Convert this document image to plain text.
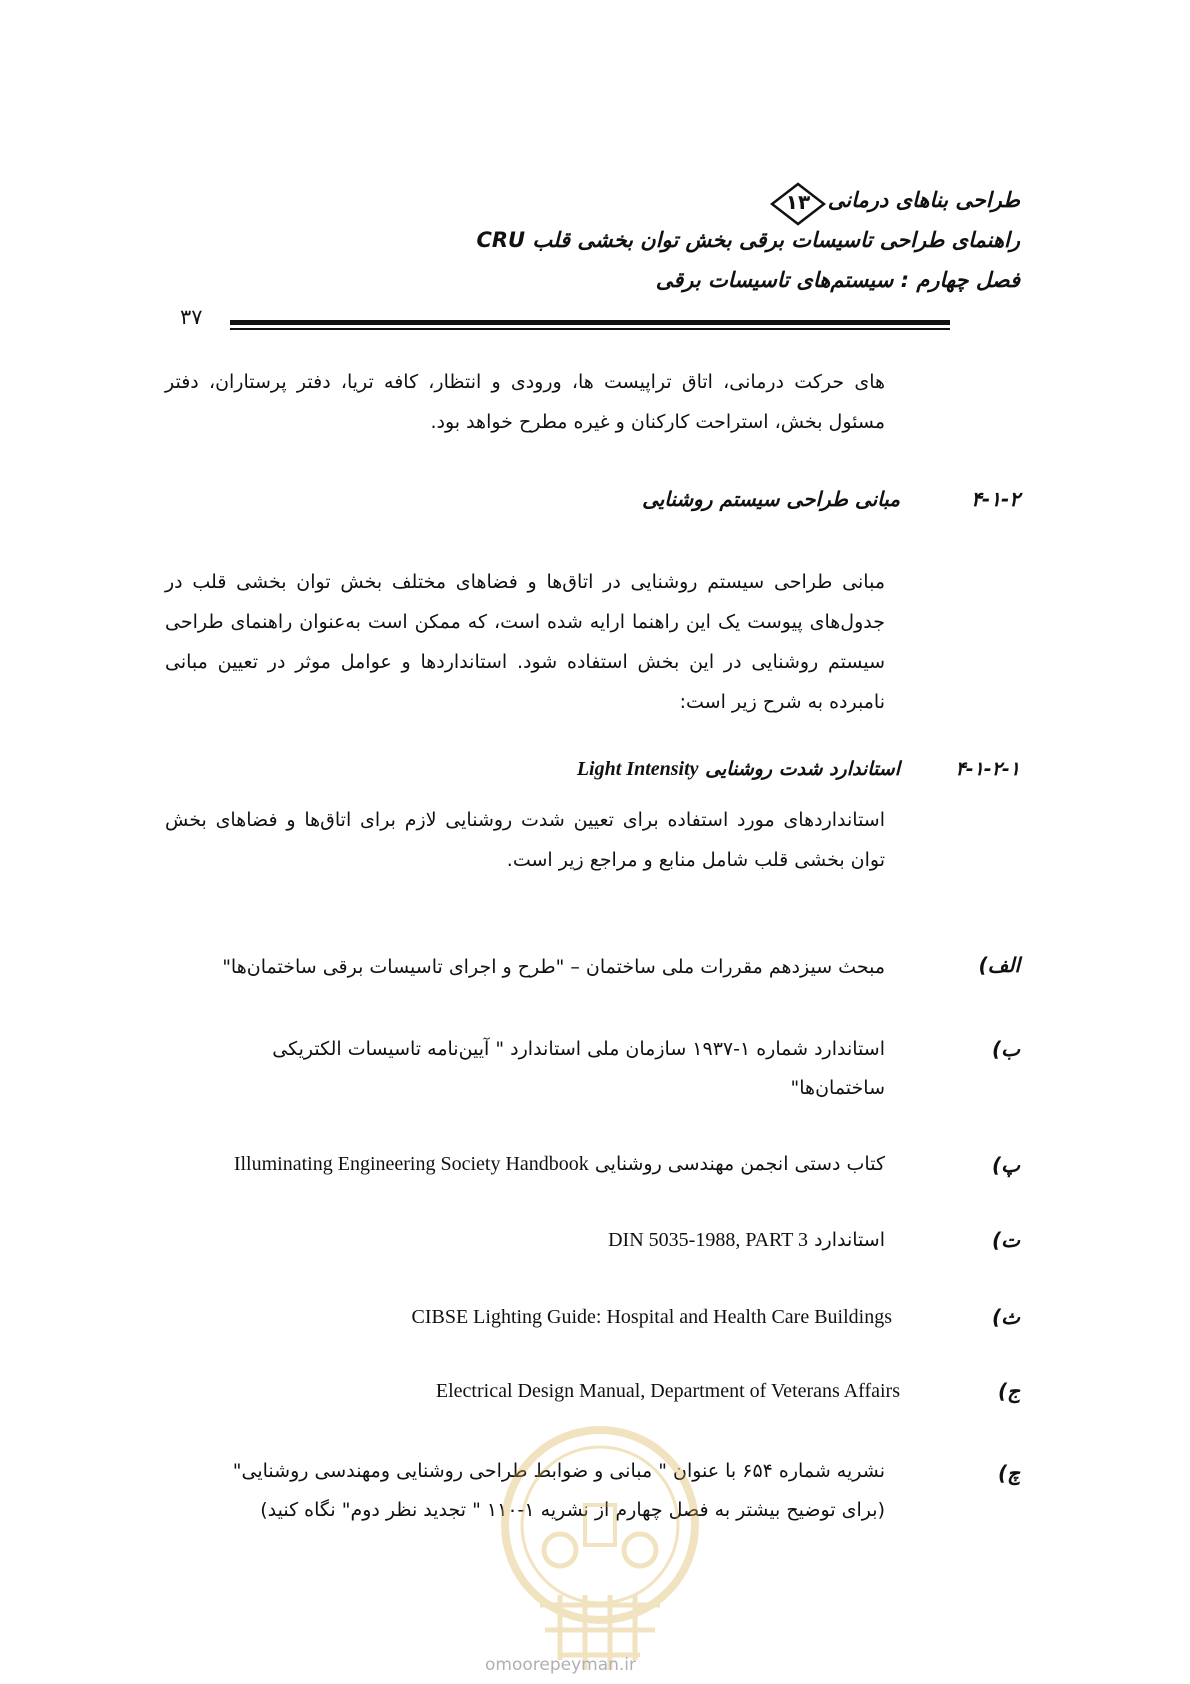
طراحی بناهای درمانی
۱۳
راهنمای طراحی تاسیسات برقی بخش توان بخشی قلب CRU
فصل چهارم : سیستم‌های تاسیسات برقی
۳۷
های حرکت درمانی، اتاق تراپیست ها، ورودی و انتظار، کافه تریا، دفتر پرستاران، دفتر مسئول بخش، استراحت کارکنان و غیره مطرح خواهد بود.
۴-۱-۲
مبانی طراحی سیستم روشنایی
مبانی طراحی سیستم روشنایی در اتاق‌ها و فضاهای مختلف بخش توان بخشی قلب در جدول‌های پیوست یک این راهنما ارایه شده است، که ممکن است به‌عنوان راهنمای طراحی سیستم روشنایی در این بخش استفاده شود. استانداردها و عوامل موثر در تعیین مبانی نامبرده به شرح زیر است:
۴-۱-۲-۱
استاندارد شدت روشنایی Light Intensity
استانداردهای مورد استفاده برای تعیین شدت روشنایی لازم برای اتاق‌ها و فضاهای بخش توان بخشی قلب شامل منابع و مراجع زیر است.
الف)
مبحث سیزدهم مقررات ملی ساختمان – "طرح و اجرای تاسیسات برقی ساختمان‌ها"
ب)
استاندارد شماره ۱-۱۹۳۷ سازمان ملی استاندارد " آیین‌نامه تاسیسات الکتریکی
ساختمان‌ها"
پ)
کتاب دستی انجمن مهندسی روشنایی Illuminating Engineering Society Handbook
ت)
استاندارد DIN 5035-1988, PART 3
ث)
CIBSE Lighting Guide: Hospital and Health Care Buildings
ج)
Electrical Design Manual, Department of Veterans Affairs
چ)
نشریه شماره ۶۵۴ با عنوان " مبانی و ضوابط طراحی روشنایی ومهندسی روشنایی"
(برای توضیح بیشتر به فصل چهارم از نشریه ۱-۱۱۰ " تجدید نظر دوم" نگاه کنید)
omoorepeyman.ir
